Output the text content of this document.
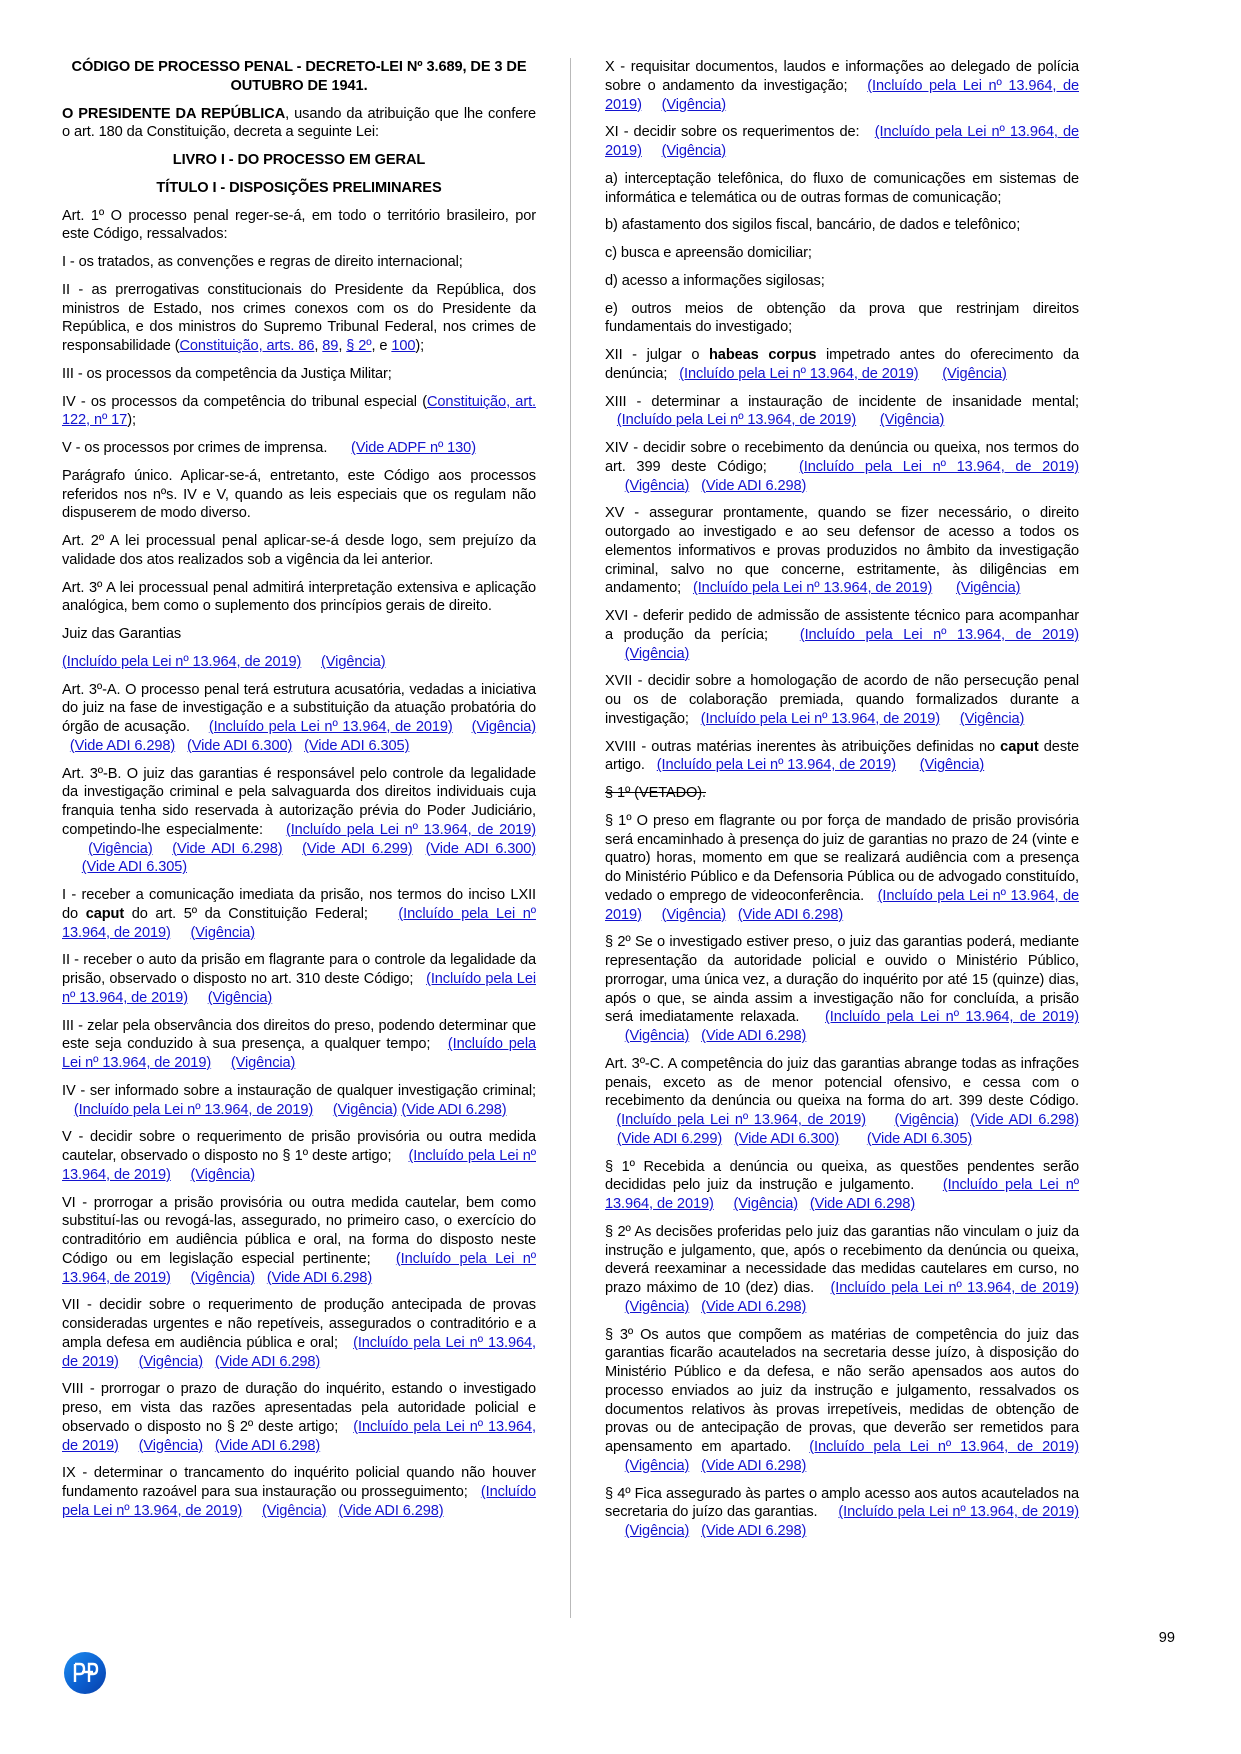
CÓDIGO DE PROCESSO PENAL - DECRETO-LEI Nº 3.689, DE 3 DE OUTUBRO DE 1941.

O PRESIDENTE DA REPÚBLICA, usando da atribuição que lhe confere o art. 180 da Constituição, decreta a seguinte Lei:

LIVRO I - DO PROCESSO EM GERAL

TÍTULO I - DISPOSIÇÕES PRELIMINARES

Art. 1º O processo penal reger-se-á, em todo o território brasileiro, por este Código, ressalvados:

I - os tratados, as convenções e regras de direito internacional;

II - as prerrogativas constitucionais do Presidente da República, dos ministros de Estado, nos crimes conexos com os do Presidente da República, e dos ministros do Supremo Tribunal Federal, nos crimes de responsabilidade (Constituição, arts. 86, 89, § 2º, e 100);

III - os processos da competência da Justiça Militar;

IV - os processos da competência do tribunal especial (Constituição, art. 122, nº 17);

V - os processos por crimes de imprensa. (Vide ADPF nº 130)

Parágrafo único. Aplicar-se-á, entretanto, este Código aos processos referidos nos nºs. IV e V, quando as leis especiais que os regulam não dispuserem de modo diverso.

Art. 2º A lei processual penal aplicar-se-á desde logo, sem prejuízo da validade dos atos realizados sob a vigência da lei anterior.

Art. 3º A lei processual penal admitirá interpretação extensiva e aplicação analógica, bem como o suplemento dos princípios gerais de direito.

Juiz das Garantias

(Incluído pela Lei nº 13.964, de 2019) (Vigência)

Art. 3º-A. O processo penal terá estrutura acusatória, vedadas a iniciativa do juiz na fase de investigação e a substituição da atuação probatória do órgão de acusação. (Incluído pela Lei nº 13.964, de 2019) (Vigência)  (Vide ADI 6.298) (Vide ADI 6.300) (Vide ADI 6.305)

Art. 3º-B. O juiz das garantias é responsável pelo controle da legalidade da investigação criminal e pela salvaguarda dos direitos individuais cuja franquia tenha sido reservada à autorização prévia do Poder Judiciário, competindo-lhe especialmente: (Incluído pela Lei nº 13.964, de 2019)    (Vigência) (Vide ADI 6.298) (Vide ADI 6.299) (Vide ADI 6.300)     (Vide ADI 6.305)

I - receber a comunicação imediata da prisão, nos termos do inciso LXII do caput do art. 5º da Constituição Federal; (Incluído pela Lei nº 13.964, de 2019) (Vigência)

II - receber o auto da prisão em flagrante para o controle da legalidade da prisão, observado o disposto no art. 310 deste Código; (Incluído pela Lei nº 13.964, de 2019) (Vigência)

III - zelar pela observância dos direitos do preso, podendo determinar que este seja conduzido à sua presença, a qualquer tempo; (Incluído pela Lei nº 13.964, de 2019) (Vigência)

IV - ser informado sobre a instauração de qualquer investigação criminal;   (Incluído pela Lei nº 13.964, de 2019) (Vigência) (Vide ADI 6.298)

V - decidir sobre o requerimento de prisão provisória ou outra medida cautelar, observado o disposto no § 1º deste artigo; (Incluído pela Lei nº 13.964, de 2019) (Vigência)

VI - prorrogar a prisão provisória ou outra medida cautelar, bem como substituí-las ou revogá-las, assegurado, no primeiro caso, o exercício do contraditório em audiência pública e oral, na forma do disposto neste Código ou em legislação especial pertinente; (Incluído pela Lei nº 13.964, de 2019) (Vigência) (Vide ADI 6.298)

VII - decidir sobre o requerimento de produção antecipada de provas consideradas urgentes e não repetíveis, assegurados o contraditório e a ampla defesa em audiência pública e oral; (Incluído pela Lei nº 13.964, de 2019) (Vigência) (Vide ADI 6.298)

VIII - prorrogar o prazo de duração do inquérito, estando o investigado preso, em vista das razões apresentadas pela autoridade policial e observado o disposto no § 2º deste artigo; (Incluído pela Lei nº 13.964, de 2019) (Vigência) (Vide ADI 6.298)

IX - determinar o trancamento do inquérito policial quando não houver fundamento razoável para sua instauração ou prosseguimento; (Incluído pela Lei nº 13.964, de 2019) (Vigência) (Vide ADI 6.298)

X - requisitar documentos, laudos e informações ao delegado de polícia sobre o andamento da investigação; (Incluído pela Lei nº 13.964, de 2019) (Vigência)

XI - decidir sobre os requerimentos de: (Incluído pela Lei nº 13.964, de 2019) (Vigência)

a) interceptação telefônica, do fluxo de comunicações em sistemas de informática e telemática ou de outras formas de comunicação;

b) afastamento dos sigilos fiscal, bancário, de dados e telefônico;

c) busca e apreensão domiciliar;

d) acesso a informações sigilosas;

e) outros meios de obtenção da prova que restrinjam direitos fundamentais do investigado;

XII - julgar o habeas corpus impetrado antes do oferecimento da denúncia; (Incluído pela Lei nº 13.964, de 2019) (Vigência)

XIII - determinar a instauração de incidente de insanidade mental;   (Incluído pela Lei nº 13.964, de 2019) (Vigência)

XIV - decidir sobre o recebimento da denúncia ou queixa, nos termos do art. 399 deste Código; (Incluído pela Lei nº 13.964, de 2019)     (Vigência) (Vide ADI 6.298)

XV - assegurar prontamente, quando se fizer necessário, o direito outorgado ao investigado e ao seu defensor de acesso a todos os elementos informativos e provas produzidos no âmbito da investigação criminal, salvo no que concerne, estritamente, às diligências em andamento; (Incluído pela Lei nº 13.964, de 2019) (Vigência)

XVI - deferir pedido de admissão de assistente técnico para acompanhar a produção da perícia; (Incluído pela Lei nº 13.964, de 2019)     (Vigência)

XVII - decidir sobre a homologação de acordo de não persecução penal ou os de colaboração premiada, quando formalizados durante a investigação; (Incluído pela Lei nº 13.964, de 2019) (Vigência)

XVIII - outras matérias inerentes às atribuições definidas no caput deste artigo. (Incluído pela Lei nº 13.964, de 2019) (Vigência)

§ 1º (VETADO).

§ 1º O preso em flagrante ou por força de mandado de prisão provisória será encaminhado à presença do juiz de garantias no prazo de 24 (vinte e quatro) horas, momento em que se realizará audiência com a presença do Ministério Público e da Defensoria Pública ou de advogado constituído, vedado o emprego de videoconferência. (Incluído pela Lei nº 13.964, de 2019) (Vigência) (Vide ADI 6.298)

§ 2º Se o investigado estiver preso, o juiz das garantias poderá, mediante representação da autoridade policial e ouvido o Ministério Público, prorrogar, uma única vez, a duração do inquérito por até 15 (quinze) dias, após o que, se ainda assim a investigação não for concluída, a prisão será imediatamente relaxada. (Incluído pela Lei nº 13.964, de 2019)     (Vigência) (Vide ADI 6.298)

Art. 3º-C. A competência do juiz das garantias abrange todas as infrações penais, exceto as de menor potencial ofensivo, e cessa com o recebimento da denúncia ou queixa na forma do art. 399 deste Código.  (Incluído pela Lei nº 13.964, de 2019) (Vigência) (Vide ADI 6.298)   (Vide ADI 6.299) (Vide ADI 6.300) (Vide ADI 6.305)

§ 1º Recebida a denúncia ou queixa, as questões pendentes serão decididas pelo juiz da instrução e julgamento. (Incluído pela Lei nº 13.964, de 2019) (Vigência) (Vide ADI 6.298)

§ 2º As decisões proferidas pelo juiz das garantias não vinculam o juiz da instrução e julgamento, que, após o recebimento da denúncia ou queixa, deverá reexaminar a necessidade das medidas cautelares em curso, no prazo máximo de 10 (dez) dias. (Incluído pela Lei nº 13.964, de 2019)     (Vigência) (Vide ADI 6.298)

§ 3º Os autos que compõem as matérias de competência do juiz das garantias ficarão acautelados na secretaria desse juízo, à disposição do Ministério Público e da defesa, e não serão apensados aos autos do processo enviados ao juiz da instrução e julgamento, ressalvados os documentos relativos às provas irrepetíveis, medidas de obtenção de provas ou de antecipação de provas, que deverão ser remetidos para apensamento em apartado. (Incluído pela Lei nº 13.964, de 2019)     (Vigência) (Vide ADI 6.298)

§ 4º Fica assegurado às partes o amplo acesso aos autos acautelados na secretaria do juízo das garantias. (Incluído pela Lei nº 13.964, de 2019)     (Vigência) (Vide ADI 6.298)

99
